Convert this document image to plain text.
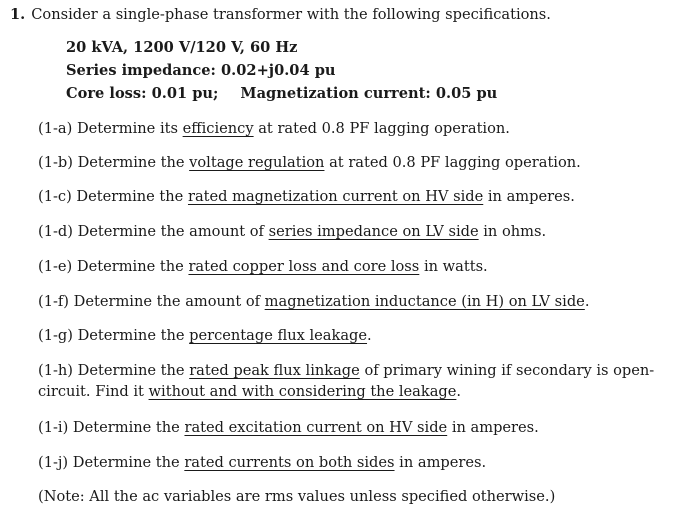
1. Consider a single-phase transformer with the following specifications.
20 kVA, 1200 V/120 V, 60 Hz
Series impedance: 0.02+j0.04 pu
Core loss: 0.01 pu; Magnetization current: 0.05 pu
(1-a) Determine its efficiency at rated 0.8 PF lagging operation.
(1-b) Determine the voltage regulation at rated 0.8 PF lagging operation.
(1-c) Determine the rated magnetization current on HV side in amperes.
(1-d) Determine the amount of series impedance on LV side in ohms.
(1-e) Determine the rated copper loss and core loss in watts.
(1-f) Determine the amount of magnetization inductance (in H) on LV side.
(1-g) Determine the percentage flux leakage.
(1-h) Determine the rated peak flux linkage of primary wining if secondary is open-circuit. Find it without and with considering the leakage.
(1-i) Determine the rated excitation current on HV side in amperes.
(1-j) Determine the rated currents on both sides in amperes.
(Note: All the ac variables are rms values unless specified otherwise.)
